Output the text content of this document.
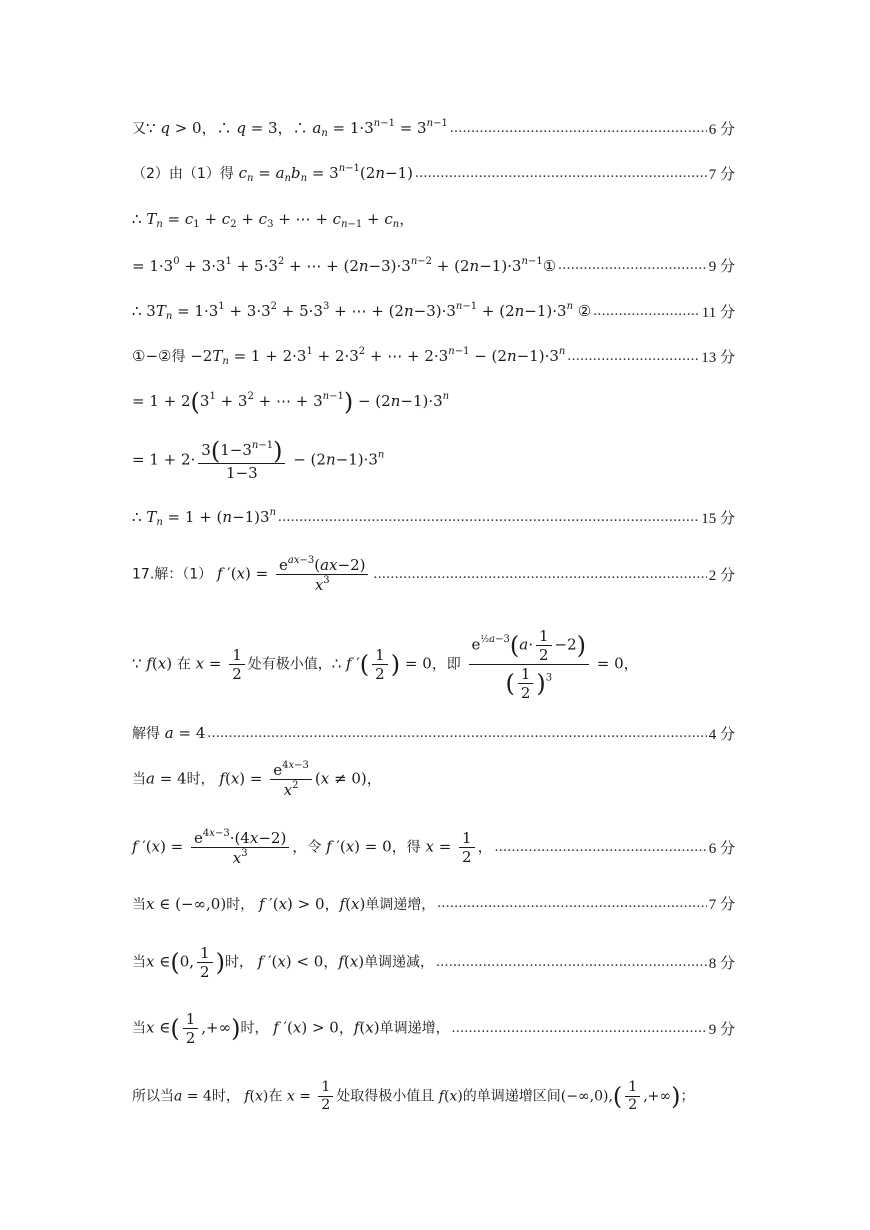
又∵ q > 0，∴ q = 3，∴ $a_n = 1\cdot 3^{n-1} = 3^{n-1}$ .....	6 分
（2）由（1）得 $c_n = a_nb_n = 3^{n-1}(2n-1)$ .....	7 分
∴ $T_n = c_1 + c_2 + c_3$ + ⋯ + $c_{n-1} + c_n$，
= $1\cdot 3^0 + 3\cdot 3^1 + 5\cdot 3^2$ + ⋯ + $(2n-3)\cdot 3^{n-2}$ + $(2n-1)\cdot 3^{n-1}①$ .....	9 分
∴ $3T_n = 1\cdot 3^1 + 3\cdot 3^2 + 5\cdot 3^3$ + ⋯ + $(2n-3)\cdot 3^{n-1} + (2n-1)\cdot 3^n$ ② .....	11 分
①−②得 $-2T_n = 1 + 2\cdot 3^1 + 2\cdot 3^2$ + ⋯ + $2\cdot 3^{n-1} - (2n-1)\cdot 3^n$ .....	13 分
= $1 + 2(3^1 + 3^2$ + ⋯ + $3^{n-1}) - (2n-1)\cdot 3^n$
= $1 + 2\cdot \frac{3(1-3^{n-1})}{1-3} - (2n-1)\cdot 3^n$
∴ $T_n = 1 + (n-1)3^n$ .....	15 分
17.解：（1） f $'(x) = \frac{e^{ax-3}(ax-2)}{x^3}$ .....	2 分
∵ f(x) 在 $x = \frac{1}{2}$ 处有极小值，∴ f ′( $\frac{1}{2}$ ) = 0，即 $\frac{e^{\frac{1}{2}a-3}(a\cdot \frac{1}{2} -2)}{( \frac{1}{2} )^3} = 0$，
解得 a = 4 .....	4 分
当a = 4时， $f(x) = \frac{e^{4x-3}}{x^2} (x \ne 0)$，
f $'(x) = \frac{e^{4x-3}\cdot(4x-2)}{x^3}$ ，令 f ′(x) = 0，得 $x = \frac{1}{2}$ ， .....	6 分
当x ∈ (−∞,0)时， f ′(x) > 0，f(x)单调递增， .....	7 分
当x ∈(0, $\frac{1}{2}$ )时， f ′(x) < 0，f(x)单调递减， .....	8 分
当x ∈( $\frac{1}{2}$ ,+∞)时， f ′(x) > 0，f(x)单调递增， .....	9 分
所以当a = 4时， f(x)在 $x = \frac{1}{2}$ 处取得极小值且 f(x)的单调递增区间$(-\infty,0),( \frac{1}{2}$ ,+∞)；
